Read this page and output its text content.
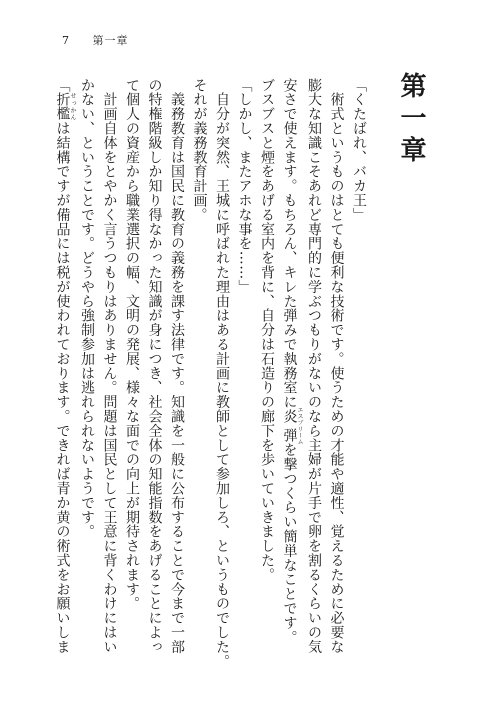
7 第一章
第一章
「くたばれ、バカ王」
　術式というものはとても便利な技術です。使うための才能や適性、覚えるために必要な
膨大な知識こそあれど専門的に学ぶつもりがないのなら主婦が片手で卵を割るくらいの気
安さで使えます。もちろん、キレた弾みで執務室に炎弾エスプリームを撃つくらい簡単なことです。
ブスブスと煙をあげる室内を背に、自分は石造りの廊下を歩いていきました。
「しかし、またアホな事を……」
　自分が突然、王城に呼ばれた理由はある計画に教師として参加しろ、というものでした。
それが義務教育計画。
　義務教育は国民に教育の義務を課す法律です。知識を一般に公布することで今まで一部
の特権階級しか知り得なかった知識が身につき、社会全体の知能指数をあげることによっ
て個人の資産から職業選択の幅、文明の発展、様々な面での向上が期待されます。
　計画自体をとやかく言うつもりはありません。問題は国民として王意に背くわけにはい
かない、ということです。どうやら強制参加は逃れられないようです。
「折檻せっかんは結構ですが備品には税が使われております。できれば青か黄の術式をお願いしま
